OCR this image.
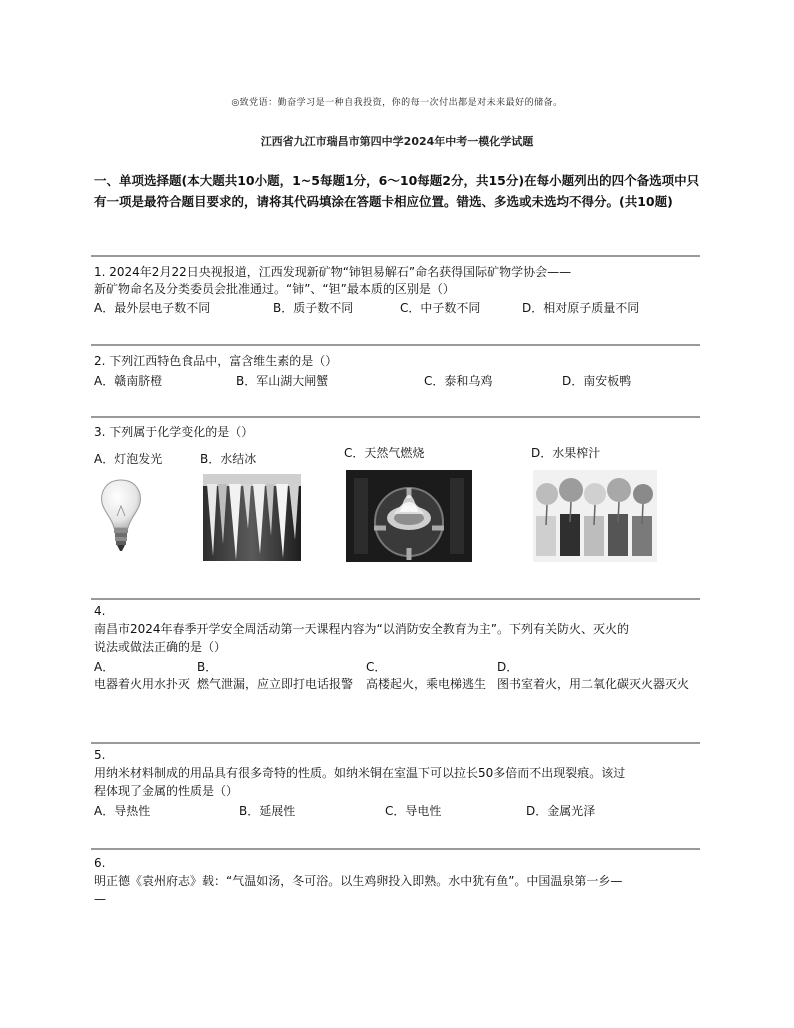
◎致党语：勤奋学习是一种自我投资，你的每一次付出都是对未来最好的储备。
江西省九江市瑞昌市第四中学2024年中考一模化学试题
一、单项选择题(本大题共10小题，1~5每题1分，6～10每题2分，共15分)在每小题列出的四个备选项中只有一项是最符合题目要求的，请将其代码填涂在答题卡相应位置。错选、多选或未选均不得分。(共10题)
1. 2024年2月22日央视报道，江西发现新矿物“铈钽易解石”命名获得国际矿物学协会——
新矿物命名及分类委员会批准通过。“铈”、“钽”最本质的区别是（）
A．最外层电子数不同	B．质子数不同	C．中子数不同	D．相对原子质量不同
2. 下列江西特色食品中，富含维生素的是（）
A．赣南脐橙	B．军山湖大闸蟹	C．泰和乌鸡	D．南安板鸭
3. 下列属于化学变化的是（）
A．灯泡发光	B．水结冰	C．天然气燃烧	D．水果榨汁
4.
南昌市2024年春季开学安全周活动第一天课程内容为“以消防安全教育为主”。下列有关防火、灭火的
说法或做法正确的是（）
A．	B．	C．	D．
电器着火用水扑灭 燃气泄漏，应立即打电话报警	高楼起火，乘电梯逃生 图书室着火，用二氧化碳灭火器灭火
5.
用纳米材料制成的用品具有很多奇特的性质。如纳米铜在室温下可以拉长50多倍而不出现裂痕。该过
程体现了金属的性质是（）
A．导热性	B．延展性	C．导电性	D．金属光泽
6.
明正德《袁州府志》载：“气温如汤，冬可浴。以生鸡卵投入即熟。水中犹有鱼”。中国温泉第一乡—
—
